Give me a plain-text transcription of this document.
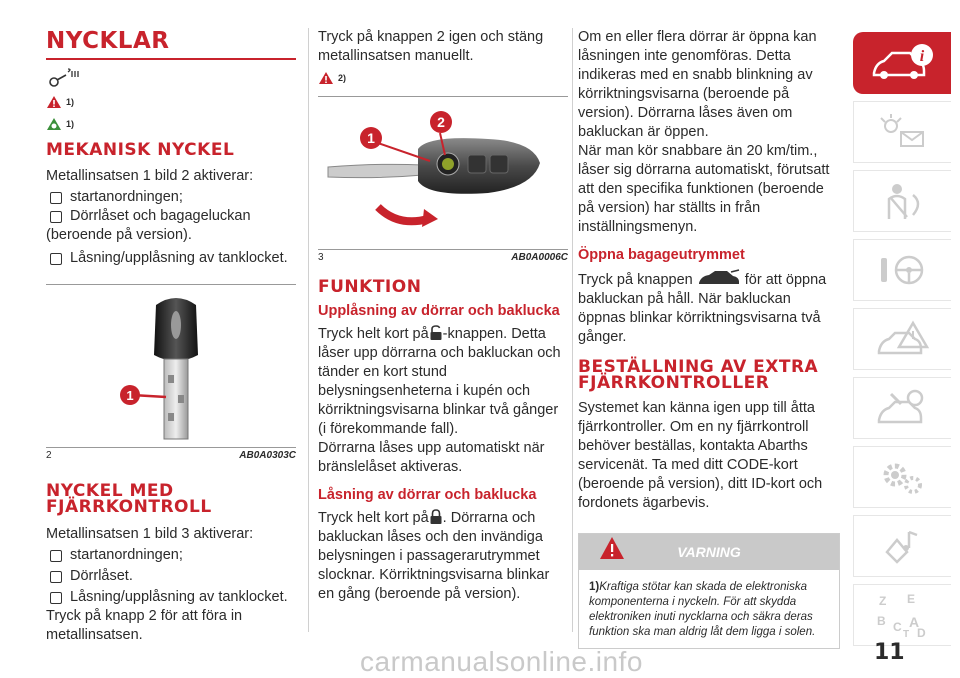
NYCKLAR
1)
1)
MEKANISK NYCKEL

Metallinsatsen 1 bild 2 aktiverar:

startanordningen;
Dörrlåset och bagageluckan

(beroende på version).

Låsning/upplåsning av tanklocket.
1
2	AB0A0303C
NYCKEL MED FJÄRRKONTROLL

Metallinsatsen 1 bild 3 aktiverar:

startanordningen;
Dörrlåset.
Låsning/upplåsning av tanklocket.

Tryck på knapp 2 för att föra in metallinsatsen.

Tryck på knappen 2 igen och stäng metallinsatsen manuellt.

2)
1
2
3	AB0A0006C
FUNKTION
Upplåsning av dörrar och baklucka

Tryck helt kort på -knappen. Detta låser upp dörrarna och bakluckan och tänder en kort stund belysningsenheterna i kupén och körriktningsvisarna blinkar två gånger (i förekommande fall).

Dörrarna låses upp automatiskt när bränslelåset aktiveras.

Låsning av dörrar och baklucka

Tryck helt kort på . Dörrarna och bakluckan låses och den invändiga belysningen i passagerarutrymmet slocknar. Körriktningsvisarna blinkar en gång (beroende på version).

Om en eller flera dörrar är öppna kan låsningen inte genomföras. Detta indikeras med en snabb blinkning av körriktningsvisarna (beroende på version). Dörrarna låses även om bakluckan är öppen.

När man kör snabbare än 20 km/tim., låser sig dörrarna automatiskt, förutsatt att den specifika funktionen (beroende på version) har ställts in från inställningsmenyn.

Öppna bagageutrymmet

Tryck på knappen	för att öppna bakluckan på håll. När bakluckan öppnas blinkar körriktningsvisarna två gånger.

BESTÄLLNING AV EXTRA FJÄRRKONTROLLER

Systemet kan känna igen upp till åtta fjärrkontroller. Om en ny fjärrkontroll behöver beställas, kontakta Abarths servicenät. Ta med ditt CODE-kort (beroende på version), ditt ID-kort och fordonets ägarbevis.

VARNING
1)Kraftiga stötar kan skada de elektroniska komponenterna i nyckeln. För att skydda elektroniken inuti nycklarna och säkra deras funktion ska man aldrig låt dem ligga i solen.
i
Z E
B C A
D
T
11
carmanualsonline.info
